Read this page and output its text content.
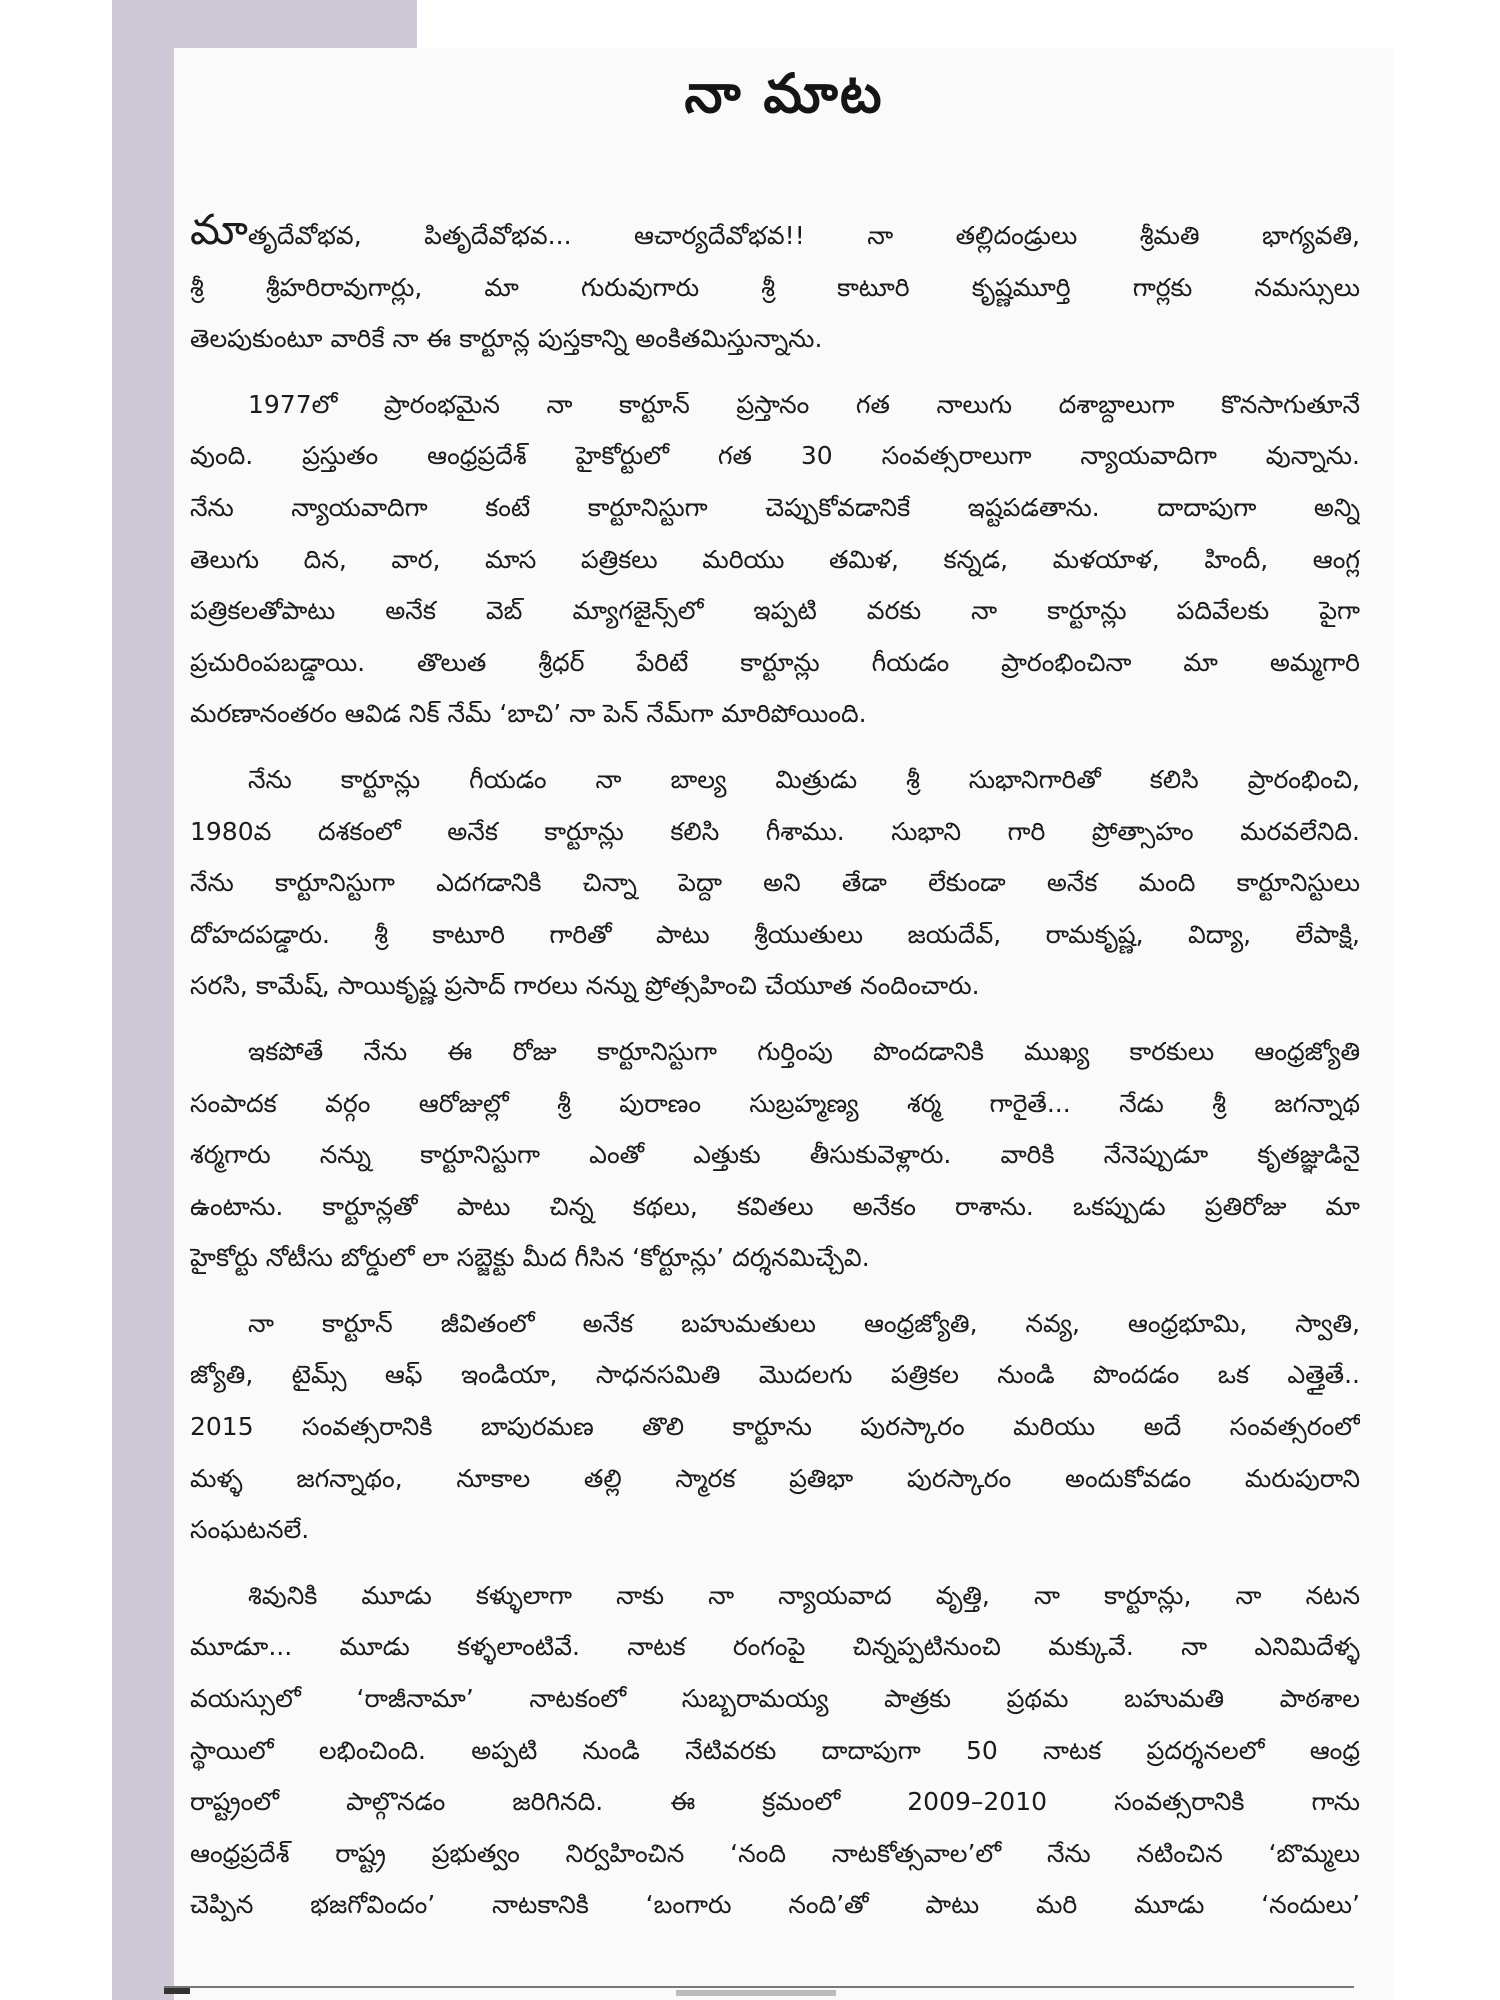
నా మాట

మాతృదేవోభవ, పితృదేవోభవ... ఆచార్యదేవోభవ!! నా తల్లిదండ్రులు శ్రీమతి భాగ్యవతి,
శ్రీ శ్రీహరిరావుగార్లు, మా గురువుగారు శ్రీ కాటూరి కృష్ణమూర్తి గార్లకు నమస్సులు
తెలపుకుంటూ వారికే నా ఈ కార్టూన్ల పుస్తకాన్ని అంకితమిస్తున్నాను.

1977లో ప్రారంభమైన నా కార్టూన్ ప్రస్తానం గత నాలుగు దశాబ్దాలుగా కొనసాగుతూనే
వుంది. ప్రస్తుతం ఆంధ్రప్రదేశ్ హైకోర్టులో గత 30 సంవత్సరాలుగా న్యాయవాదిగా వున్నాను.
నేను న్యాయవాదిగా కంటే కార్టూనిస్టుగా చెప్పుకోవడానికే ఇష్టపడతాను. దాదాపుగా అన్ని
తెలుగు దిన, వార, మాస పత్రికలు మరియు తమిళ, కన్నడ, మళయాళ, హిందీ, ఆంగ్ల
పత్రికలతోపాటు అనేక వెబ్ మ్యాగజైన్స్‌లో ఇప్పటి వరకు నా కార్టూన్లు పదివేలకు పైగా
ప్రచురింపబడ్డాయి. తొలుత శ్రీధర్ పేరిటే కార్టూన్లు గీయడం ప్రారంభించినా మా అమ్మగారి
మరణానంతరం ఆవిడ నిక్ నేమ్ ‘బాచి’ నా పెన్ నేమ్‌గా మారిపోయింది.

నేను కార్టూన్లు గీయడం నా బాల్య మిత్రుడు శ్రీ సుభానిగారితో కలిసి ప్రారంభించి,
1980వ దశకంలో అనేక కార్టూన్లు కలిసి గీశాము. సుభాని గారి ప్రోత్సాహం మరవలేనిది.
నేను కార్టూనిస్టుగా ఎదగడానికి చిన్నా పెద్దా అని తేడా లేకుండా అనేక మంది కార్టూనిస్టులు
దోహదపడ్డారు. శ్రీ కాటూరి గారితో పాటు శ్రీయుతులు జయదేవ్, రామకృష్ణ, విద్యా, లేపాక్షి,
సరసి, కామేష్, సాయికృష్ణ ప్రసాద్ గారలు నన్ను ప్రోత్సహించి చేయూత నందించారు.

ఇకపోతే నేను ఈ రోజు కార్టూనిస్టుగా గుర్తింపు పొందడానికి ముఖ్య కారకులు ఆంధ్రజ్యోతి
సంపాదక వర్గం ఆరోజుల్లో శ్రీ పురాణం సుబ్రహ్మణ్య శర్మ గారైతే... నేడు శ్రీ జగన్నాథ
శర్మగారు నన్ను కార్టూనిస్టుగా ఎంతో ఎత్తుకు తీసుకువెళ్లారు. వారికి నేనెప్పుడూ కృతజ్ఞుడినై
ఉంటాను. కార్టూన్లతో పాటు చిన్న కథలు, కవితలు అనేకం రాశాను. ఒకప్పుడు ప్రతిరోజు మా
హైకోర్టు నోటీసు బోర్డులో లా సబ్జెక్టు మీద గీసిన ‘కోర్టూన్లు’ దర్శనమిచ్చేవి.

నా కార్టూన్ జీవితంలో అనేక బహుమతులు ఆంధ్రజ్యోతి, నవ్య, ఆంధ్రభూమి, స్వాతి,
జ్యోతి, టైమ్స్ ఆఫ్ ఇండియా, సాధనసమితి మొదలగు పత్రికల నుండి పొందడం ఒక ఎత్తైతే..
2015 సంవత్సరానికి బాపురమణ తొలి కార్టూను పురస్కారం మరియు అదే సంవత్సరంలో
మళ్ళ జగన్నాథం, నూకాల తల్లి స్మారక ప్రతిభా పురస్కారం అందుకోవడం మరుపురాని
సంఘటనలే.

శివునికి మూడు కళ్ళులాగా నాకు నా న్యాయవాద వృత్తి, నా కార్టూన్లు, నా నటన
మూడూ... మూడు కళ్ళలాంటివే. నాటక రంగంపై చిన్నప్పటినుంచి మక్కువే. నా ఎనిమిదేళ్ళ
వయస్సులో ‘రాజీనామా’ నాటకంలో సుబ్బరామయ్య పాత్రకు ప్రథమ బహుమతి పాఠశాల
స్థాయిలో లభించింది. అప్పటి నుండి నేటివరకు దాదాపుగా 50 నాటక ప్రదర్శనలలో ఆంధ్ర
రాష్ట్రంలో పాల్గొనడం జరిగినది. ఈ క్రమంలో 2009–2010 సంవత్సరానికి గాను
ఆంధ్రప్రదేశ్ రాష్ట్ర ప్రభుత్వం నిర్వహించిన ‘నంది నాటకోత్సవాల’లో నేను నటించిన ‘బొమ్మలు
చెప్పిన భజగోవిందం’ నాటకానికి ‘బంగారు నంది’తో పాటు మరి మూడు ‘నందులు’
